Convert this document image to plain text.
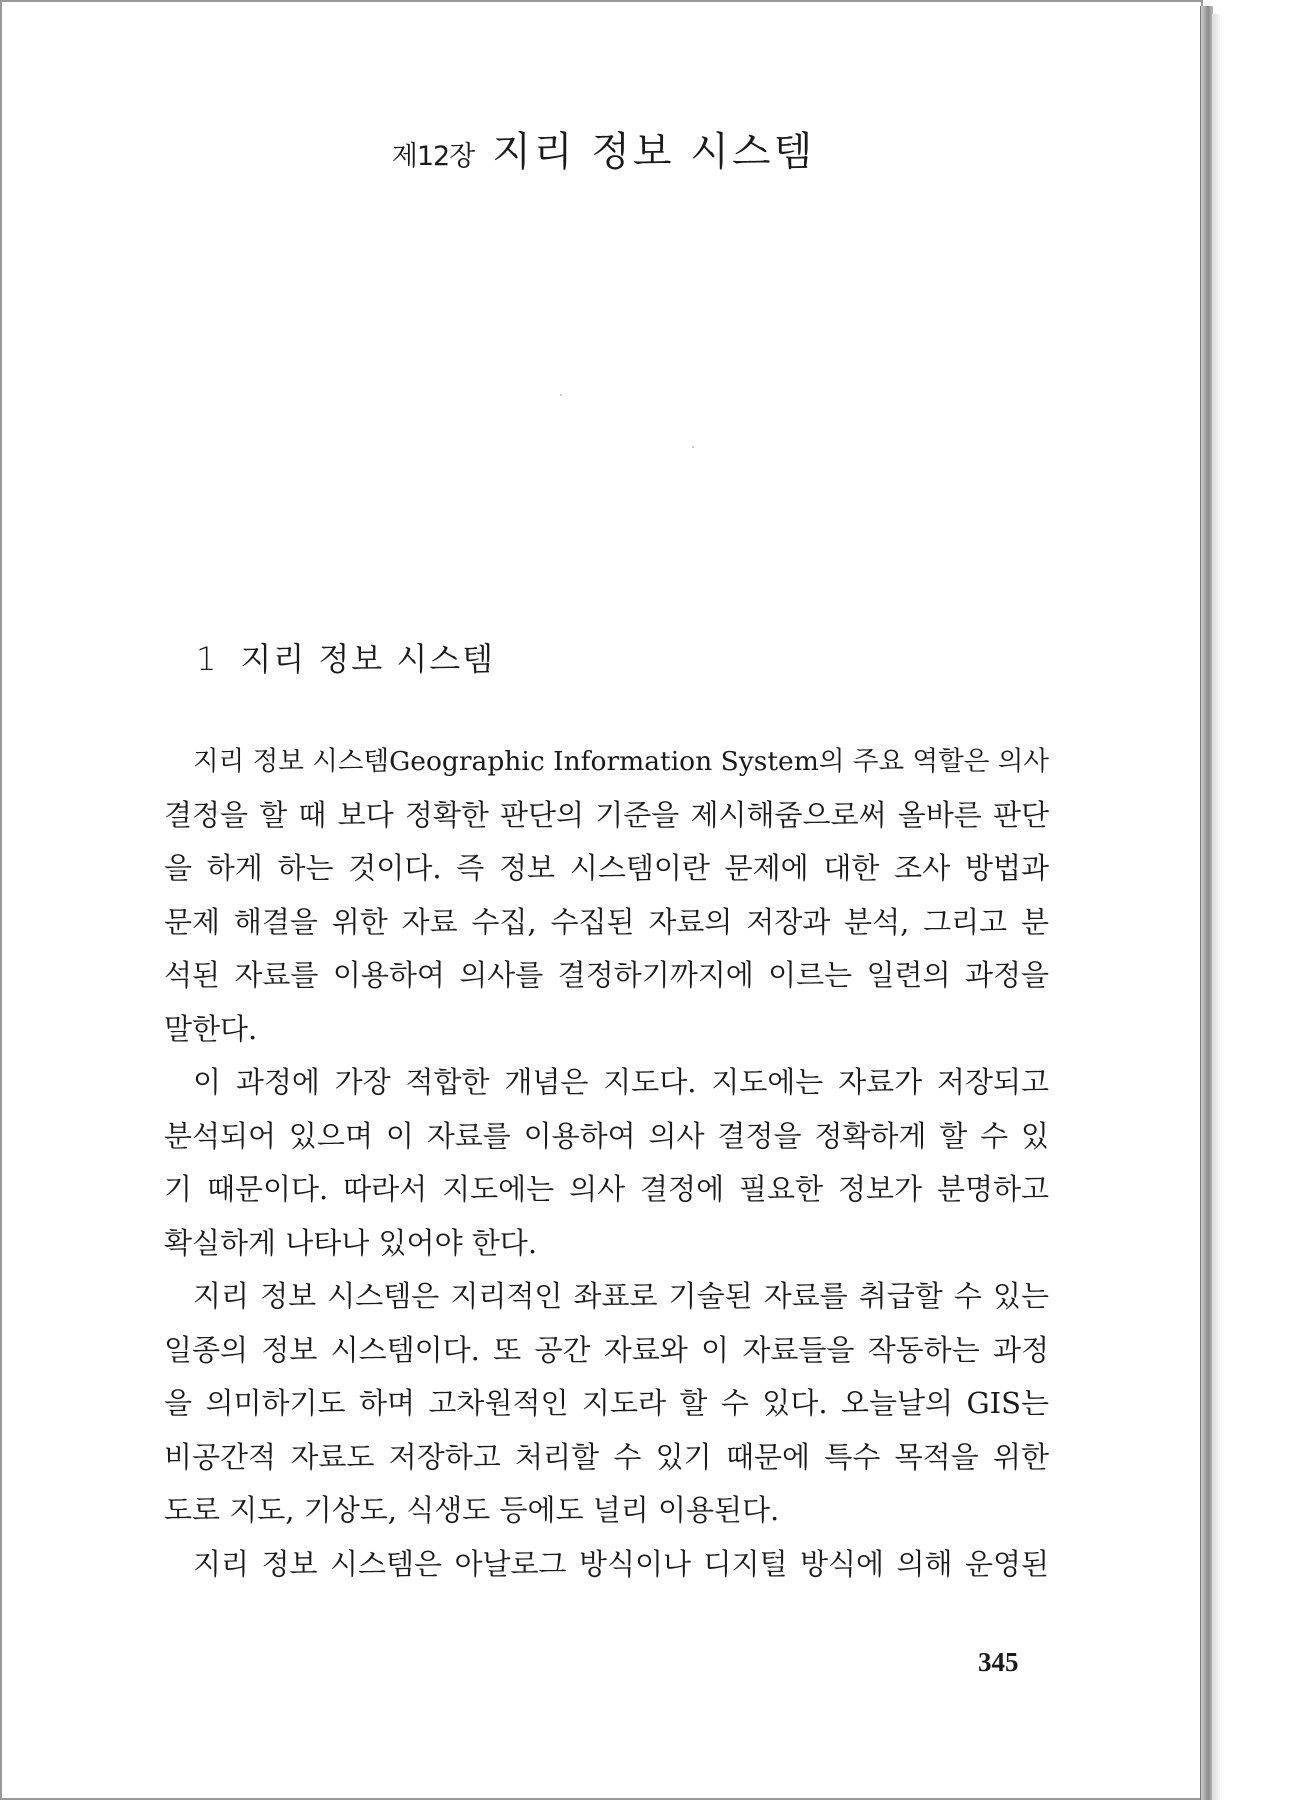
제12장 지리 정보 시스템
1 지리 정보 시스템
지리 정보 시스템Geographic Information System의 주요 역할은 의사
결정을 할 때 보다 정확한 판단의 기준을 제시해줌으로써 올바른 판단
을 하게 하는 것이다. 즉 정보 시스템이란 문제에 대한 조사 방법과
문제 해결을 위한 자료 수집, 수집된 자료의 저장과 분석, 그리고 분
석된 자료를 이용하여 의사를 결정하기까지에 이르는 일련의 과정을
말한다.
이 과정에 가장 적합한 개념은 지도다. 지도에는 자료가 저장되고
분석되어 있으며 이 자료를 이용하여 의사 결정을 정확하게 할 수 있
기 때문이다. 따라서 지도에는 의사 결정에 필요한 정보가 분명하고
확실하게 나타나 있어야 한다.
지리 정보 시스템은 지리적인 좌표로 기술된 자료를 취급할 수 있는
일종의 정보 시스템이다. 또 공간 자료와 이 자료들을 작동하는 과정
을 의미하기도 하며 고차원적인 지도라 할 수 있다. 오늘날의 GIS는
비공간적 자료도 저장하고 처리할 수 있기 때문에 특수 목적을 위한
도로 지도, 기상도, 식생도 등에도 널리 이용된다.
지리 정보 시스템은 아날로그 방식이나 디지털 방식에 의해 운영된
345
